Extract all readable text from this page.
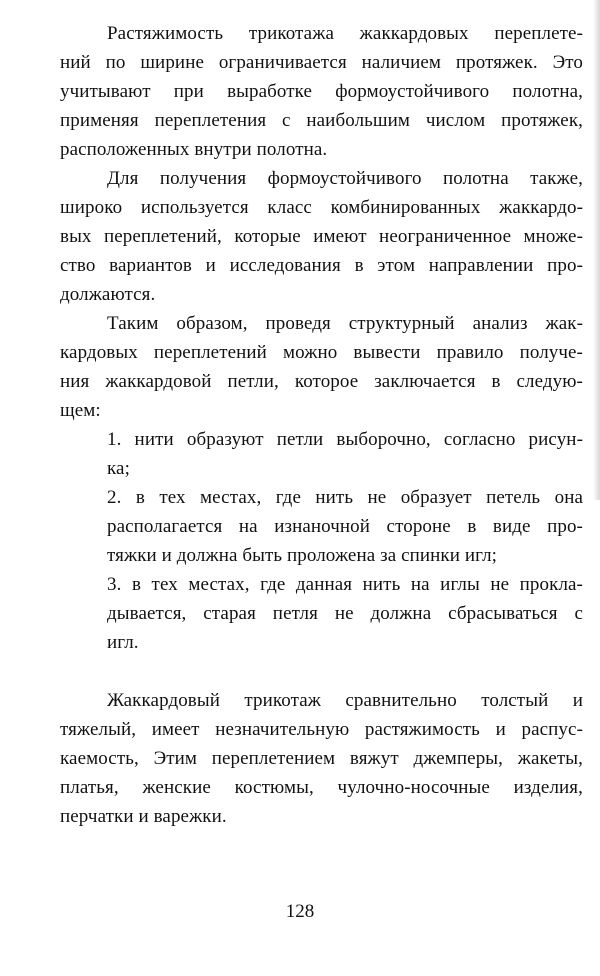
Растяжимость трикотажа жаккардовых переплете-
ний по ширине ограничивается наличием протяжек. Это
учитывают при выработке формоустойчивого полотна,
применяя переплетения с наибольшим числом протяжек,
расположенных внутри полотна.
Для получения формоустойчивого полотна также,
широко используется класс комбинированных жаккардо-
вых переплетений, которые имеют неограниченное множе-
ство вариантов и исследования в этом направлении про-
должаются.
Таким образом, проведя структурный анализ жак-
кардовых переплетений можно вывести правило получе-
ния жаккардовой петли, которое заключается в следую-
щем:
1. нити образуют петли выборочно, согласно рисун-
ка;
2. в тех местах, где нить не образует петель она
располагается на изнаночной стороне в виде про-
тяжки и должна быть проложена за спинки игл;
3. в тех местах, где данная нить на иглы не прокла-
дывается, старая петля не должна сбрасываться с
игл.
Жаккардовый трикотаж сравнительно толстый и
тяжелый, имеет незначительную растяжимость и распус-
каемость, Этим переплетением вяжут джемперы, жакеты,
платья, женские костюмы, чулочно-носочные изделия,
перчатки и варежки.
128
